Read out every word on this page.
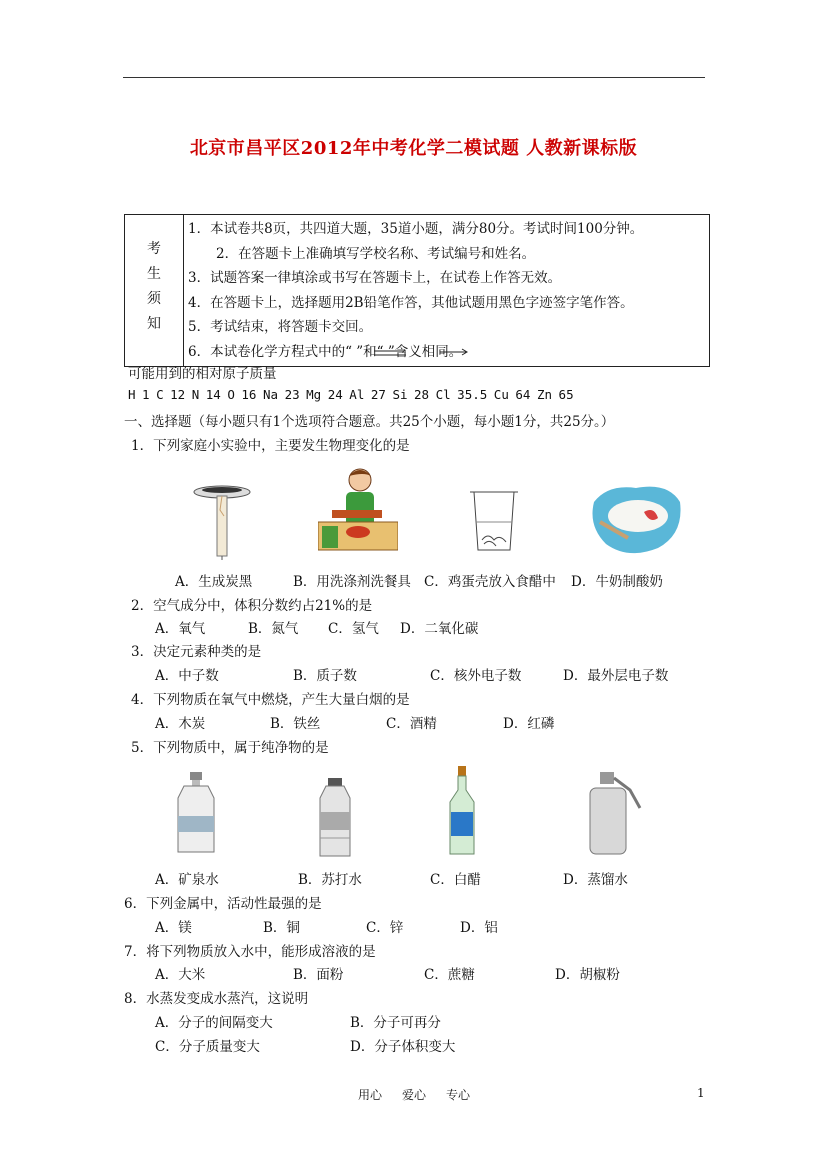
北京市昌平区2012年中考化学二模试题 人教新课标版
考
生
须
知

1．本试卷共8页，共四道大题，35道小题，满分80分。考试时间100分钟。
2．在答题卡上准确填写学校名称、考试编号和姓名。
3．试题答案一律填涂或书写在答题卡上，在试卷上作答无效。
4．在答题卡上，选择题用2B铅笔作答，其他试题用黑色字迹签字笔作答。
5．考试结束，将答题卡交回。
6．本试卷化学方程式中的“ ”和“ ”含义相同。
可能用到的相对原子质量
H 1 C 12 N 14 O 16 Na 23 Mg 24 Al 27 Si 28 Cl 35.5 Cu 64 Zn 65
一、选择题（每小题只有1个选项符合题意。共25个小题，每小题1分，共25分。）
1．下列家庭小实验中，主要发生物理变化的是
A．生成炭黑	B．用洗涤剂洗餐具 C．鸡蛋壳放入食醋中 D．牛奶制酸奶
2．空气成分中，体积分数约占21%的是
A．氧气	B．氮气 C．氢气 D．二氧化碳
3．决定元素种类的是
A．中子数	B．质子数	C．核外电子数	D．最外层电子数
4．下列物质在氧气中燃烧，产生大量白烟的是
A．木炭	B．铁丝	C．酒精	D．红磷
5．下列物质中，属于纯净物的是
A．矿泉水	B．苏打水	C．白醋	D．蒸馏水
6．下列金属中，活动性最强的是
A．镁	B．铜	C．锌	D．铝
7．将下列物质放入水中，能形成溶液的是
A．大米	B．面粉	C．蔗糖	D．胡椒粉
8．水蒸发变成水蒸汽，这说明
A．分子的间隔变大	B．分子可再分
C．分子质量变大	D．分子体积变大
用心 爱心 专心	1
